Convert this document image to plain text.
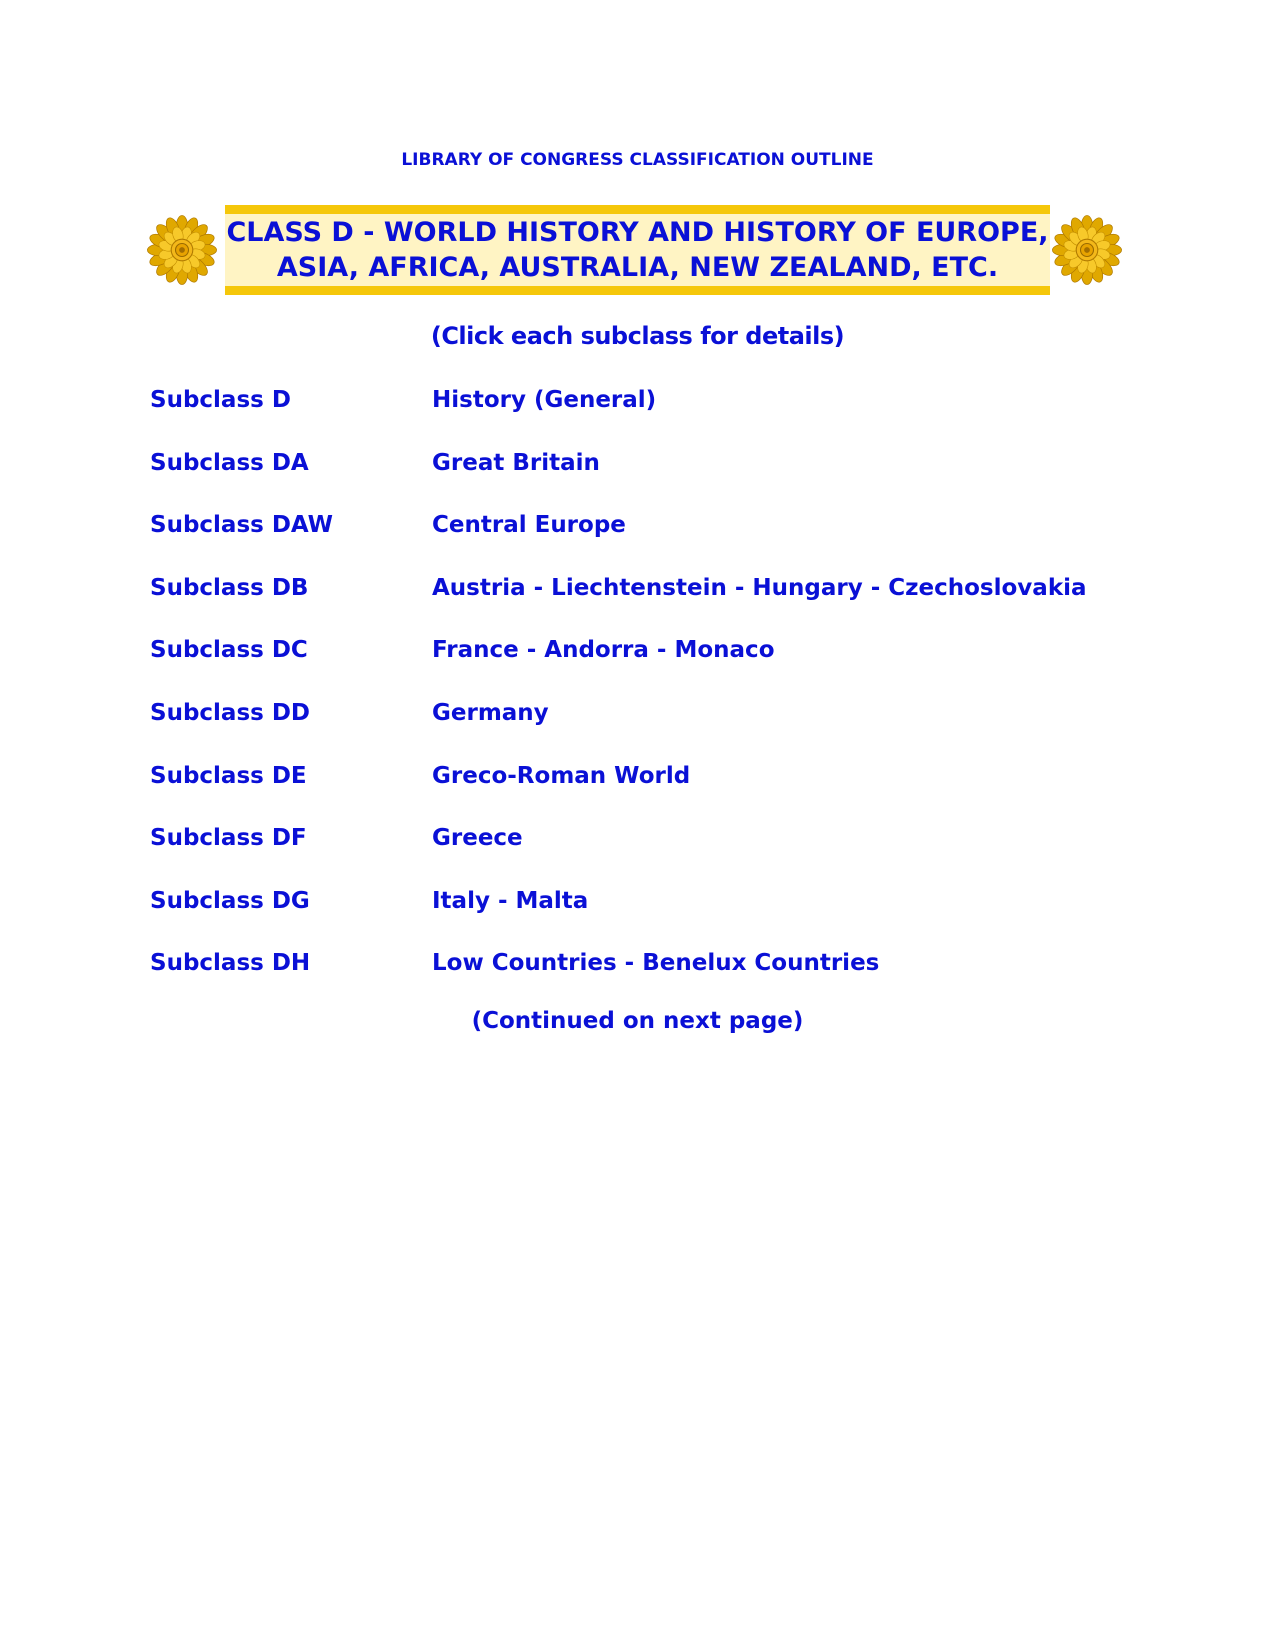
LIBRARY OF CONGRESS CLASSIFICATION OUTLINE
CLASS D - WORLD HISTORY AND HISTORY OF EUROPE,
ASIA, AFRICA, AUSTRALIA, NEW ZEALAND, ETC.
(Click each subclass for details)
Subclass D	History (General)
Subclass DA	Great Britain
Subclass DAW	Central Europe
Subclass DB	Austria - Liechtenstein - Hungary - Czechoslovakia
Subclass DC	France - Andorra - Monaco
Subclass DD	Germany
Subclass DE	Greco-Roman World
Subclass DF	Greece
Subclass DG	Italy - Malta
Subclass DH	Low Countries - Benelux Countries
(Continued on next page)
